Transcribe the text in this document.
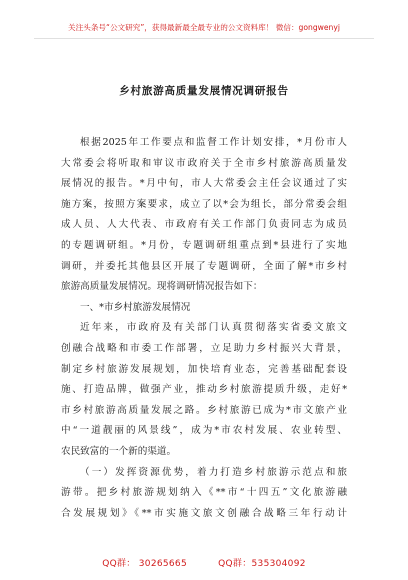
关注头条号“公文研究”，获得最新最全最专业的公文资料库！ 微信：gongwenyj
乡村旅游高质量发展情况调研报告
根据2025年工作要点和监督工作计划安排，*月份市人
大常委会将听取和审议市政府关于全市乡村旅游高质量发
展情况的报告。*月中旬，市人大常委会主任会议通过了实
施方案，按照方案要求，成立了以*会为组长，部分常委会组
成人员、人大代表、市政府有关工作部门负责同志为成员
的专题调研组。*月份，专题调研组重点到*县进行了实地
调研，并委托其他县区开展了专题调研，全面了解*市乡村
旅游高质量发展情况。现将调研情况报告如下：
一、*市乡村旅游发展情况
近年来，市政府及有关部门认真贯彻落实省委文旅文
创融合战略和市委工作部署，立足助力乡村振兴大背景，
制定乡村旅游发展规划，加快培育业态，完善基础配套设
施、打造品牌，做强产业，推动乡村旅游提质升级，走好*
市乡村旅游高质量发展之路。乡村旅游已成为*市文旅产业
中“一道靓丽的风景线”，成为*市农村发展、农业转型、
农民致富的一个新的渠道。
（一）发挥资源优势，着力打造乡村旅游示范点和旅
游带。把乡村旅游规划纳入《**市“十四五”文化旅游融
合发展规划》《**市实施文旅文创融合战略三年行动计
QQ群： 30265665	QQ群：535304092
